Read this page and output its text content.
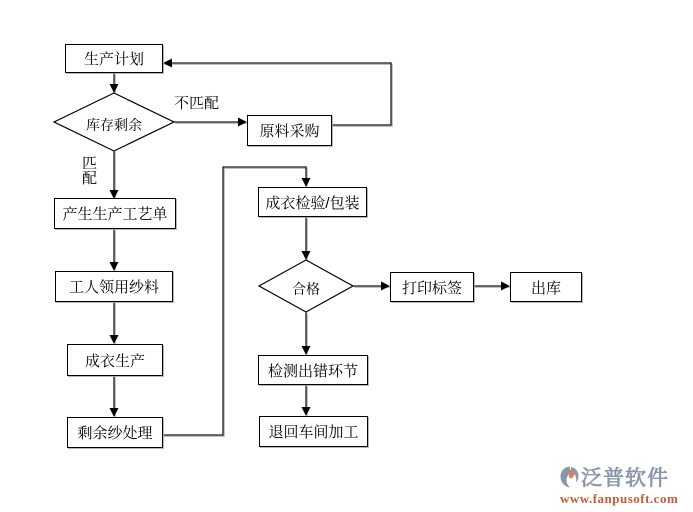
生产计划
原料采购
产生生产工艺单
工人领用纱料
成衣生产
剩余纱处理
成衣检验/包装
打印标签	出库
检测出错环节
退回车间加工
库存剩余
合格
不匹配
匹配
泛普软件
www.fanpusoft.com
